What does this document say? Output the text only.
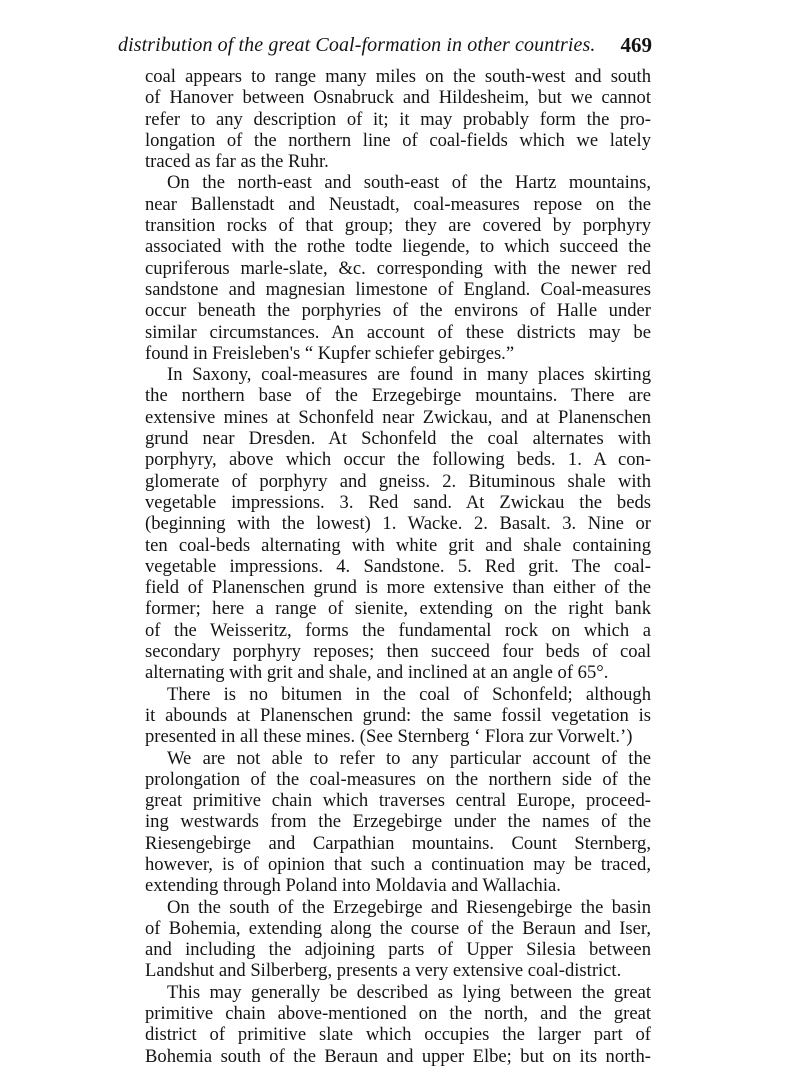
distribution of the great Coal-formation in other countries. 469
coal appears to range many miles on the south-west and south
of Hanover between Osnabruck and Hildesheim, but we cannot
refer to any description of it; it may probably form the pro-
longation of the northern line of coal-fields which we lately
traced as far as the Ruhr.
On the north-east and south-east of the Hartz mountains,
near Ballenstadt and Neustadt, coal-measures repose on the
transition rocks of that group; they are covered by porphyry
associated with the rothe todte liegende, to which succeed the
cupriferous marle-slate, &c. corresponding with the newer red
sandstone and magnesian limestone of England. Coal-measures
occur beneath the porphyries of the environs of Halle under
similar circumstances. An account of these districts may be
found in Freisleben's “ Kupfer schiefer gebirges.”
In Saxony, coal-measures are found in many places skirting
the northern base of the Erzegebirge mountains. There are
extensive mines at Schonfeld near Zwickau, and at Planenschen
grund near Dresden. At Schonfeld the coal alternates with
porphyry, above which occur the following beds. 1. A con-
glomerate of porphyry and gneiss. 2. Bituminous shale with
vegetable impressions. 3. Red sand. At Zwickau the beds
(beginning with the lowest) 1. Wacke. 2. Basalt. 3. Nine or
ten coal-beds alternating with white grit and shale containing
vegetable impressions. 4. Sandstone. 5. Red grit. The coal-
field of Planenschen grund is more extensive than either of the
former; here a range of sienite, extending on the right bank
of the Weisseritz, forms the fundamental rock on which a
secondary porphyry reposes; then succeed four beds of coal
alternating with grit and shale, and inclined at an angle of 65°.
There is no bitumen in the coal of Schonfeld; although
it abounds at Planenschen grund: the same fossil vegetation is
presented in all these mines. (See Sternberg ‘ Flora zur Vorwelt.’)
We are not able to refer to any particular account of the
prolongation of the coal-measures on the northern side of the
great primitive chain which traverses central Europe, proceed-
ing westwards from the Erzegebirge under the names of the
Riesengebirge and Carpathian mountains. Count Sternberg,
however, is of opinion that such a continuation may be traced,
extending through Poland into Moldavia and Wallachia.
On the south of the Erzegebirge and Riesengebirge the basin
of Bohemia, extending along the course of the Beraun and Iser,
and including the adjoining parts of Upper Silesia between
Landshut and Silberberg, presents a very extensive coal-district.
This may generally be described as lying between the great
primitive chain above-mentioned on the north, and the great
district of primitive slate which occupies the larger part of
Bohemia south of the Beraun and upper Elbe; but on its north-
